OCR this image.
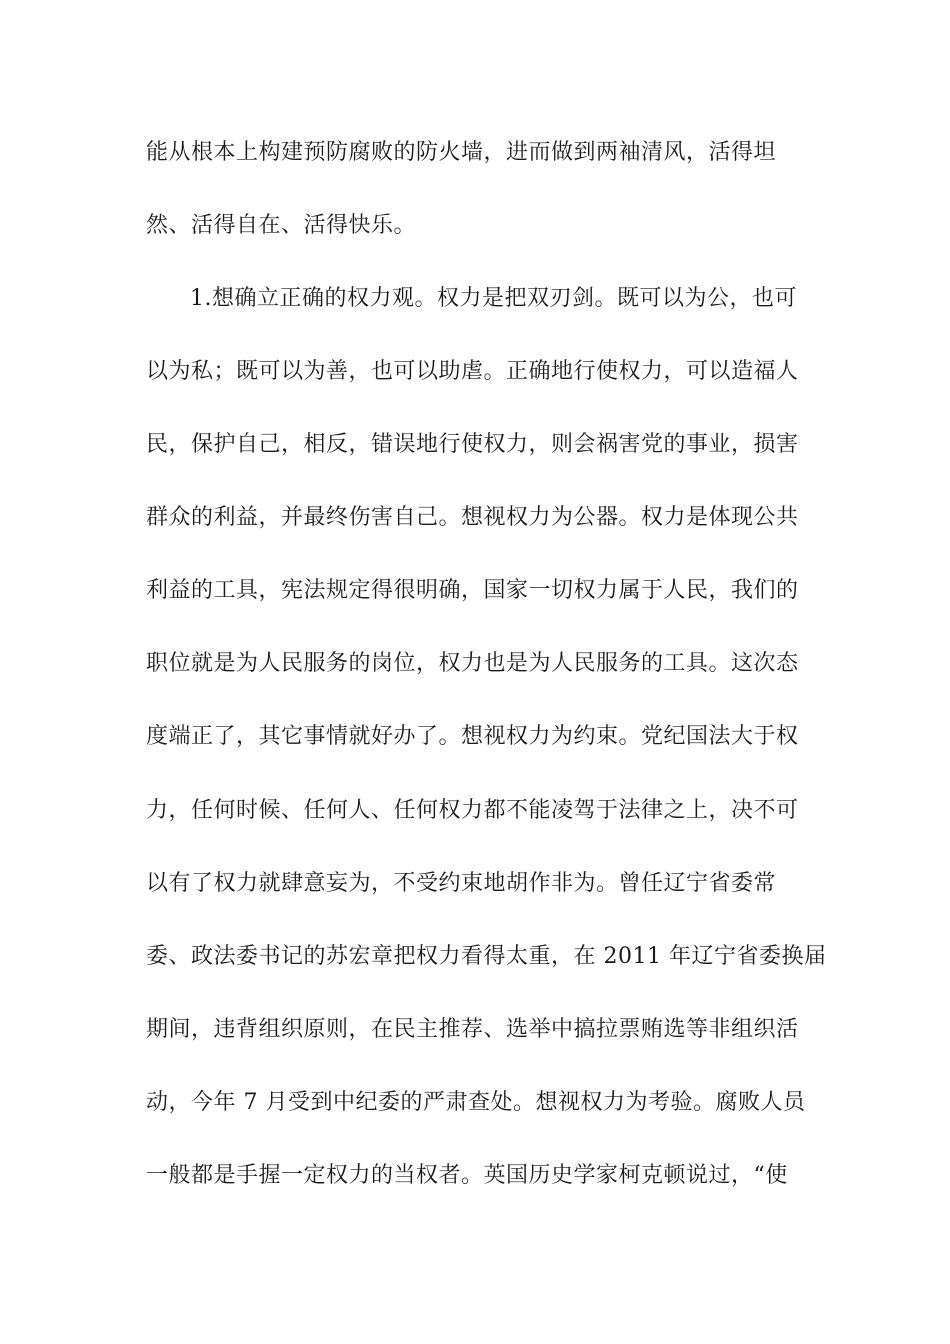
能从根本上构建预防腐败的防火墙，进而做到两袖清风，活得坦
然、活得自在、活得快乐。
1.想确立正确的权力观。权力是把双刃剑。既可以为公，也可
以为私；既可以为善，也可以助虐。正确地行使权力，可以造福人
民，保护自己，相反，错误地行使权力，则会祸害党的事业，损害
群众的利益，并最终伤害自己。想视权力为公器。权力是体现公共
利益的工具，宪法规定得很明确，国家一切权力属于人民，我们的
职位就是为人民服务的岗位，权力也是为人民服务的工具。这次态
度端正了，其它事情就好办了。想视权力为约束。党纪国法大于权
力，任何时候、任何人、任何权力都不能凌驾于法律之上，决不可
以有了权力就肆意妄为，不受约束地胡作非为。曾任辽宁省委常
委、政法委书记的苏宏章把权力看得太重，在 2011 年辽宁省委换届
期间，违背组织原则，在民主推荐、选举中搞拉票贿选等非组织活
动，今年 7 月受到中纪委的严肃查处。想视权力为考验。腐败人员
一般都是手握一定权力的当权者。英国历史学家柯克顿说过，“使
